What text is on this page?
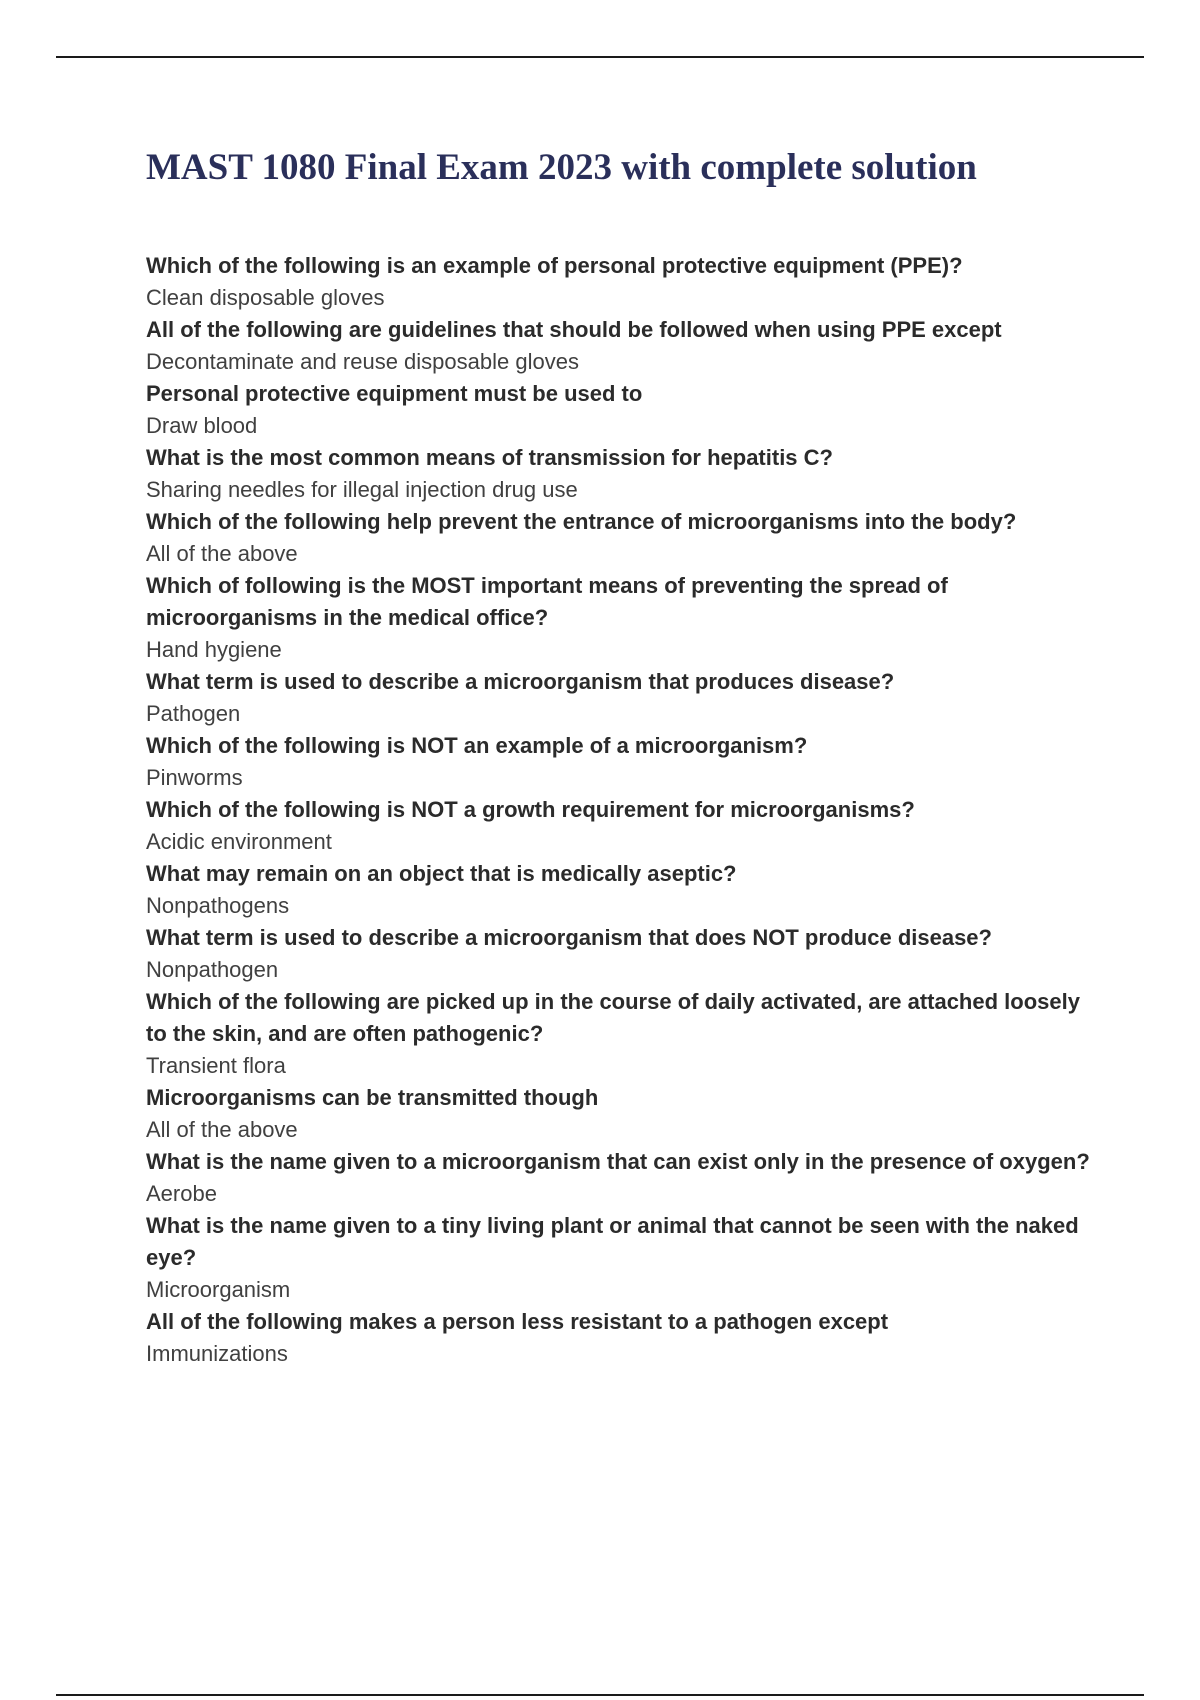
MAST 1080 Final Exam 2023 with complete solution
Which of the following is an example of personal protective equipment (PPE)?
Clean disposable gloves
All of the following are guidelines that should be followed when using PPE except
Decontaminate and reuse disposable gloves
Personal protective equipment must be used to
Draw blood
What is the most common means of transmission for hepatitis C?
Sharing needles for illegal injection drug use
Which of the following help prevent the entrance of microorganisms into the body?
All of the above
Which of following is the MOST important means of preventing the spread of microorganisms in the medical office?
Hand hygiene
What term is used to describe a microorganism that produces disease?
Pathogen
Which of the following is NOT an example of a microorganism?
Pinworms
Which of the following is NOT a growth requirement for microorganisms?
Acidic environment
What may remain on an object that is medically aseptic?
Nonpathogens
What term is used to describe a microorganism that does NOT produce disease?
Nonpathogen
Which of the following are picked up in the course of daily activated, are attached loosely to the skin, and are often pathogenic?
Transient flora
Microorganisms can be transmitted though
All of the above
What is the name given to a microorganism that can exist only in the presence of oxygen?
Aerobe
What is the name given to a tiny living plant or animal that cannot be seen with the naked eye?
Microorganism
All of the following makes a person less resistant to a pathogen except
Immunizations
